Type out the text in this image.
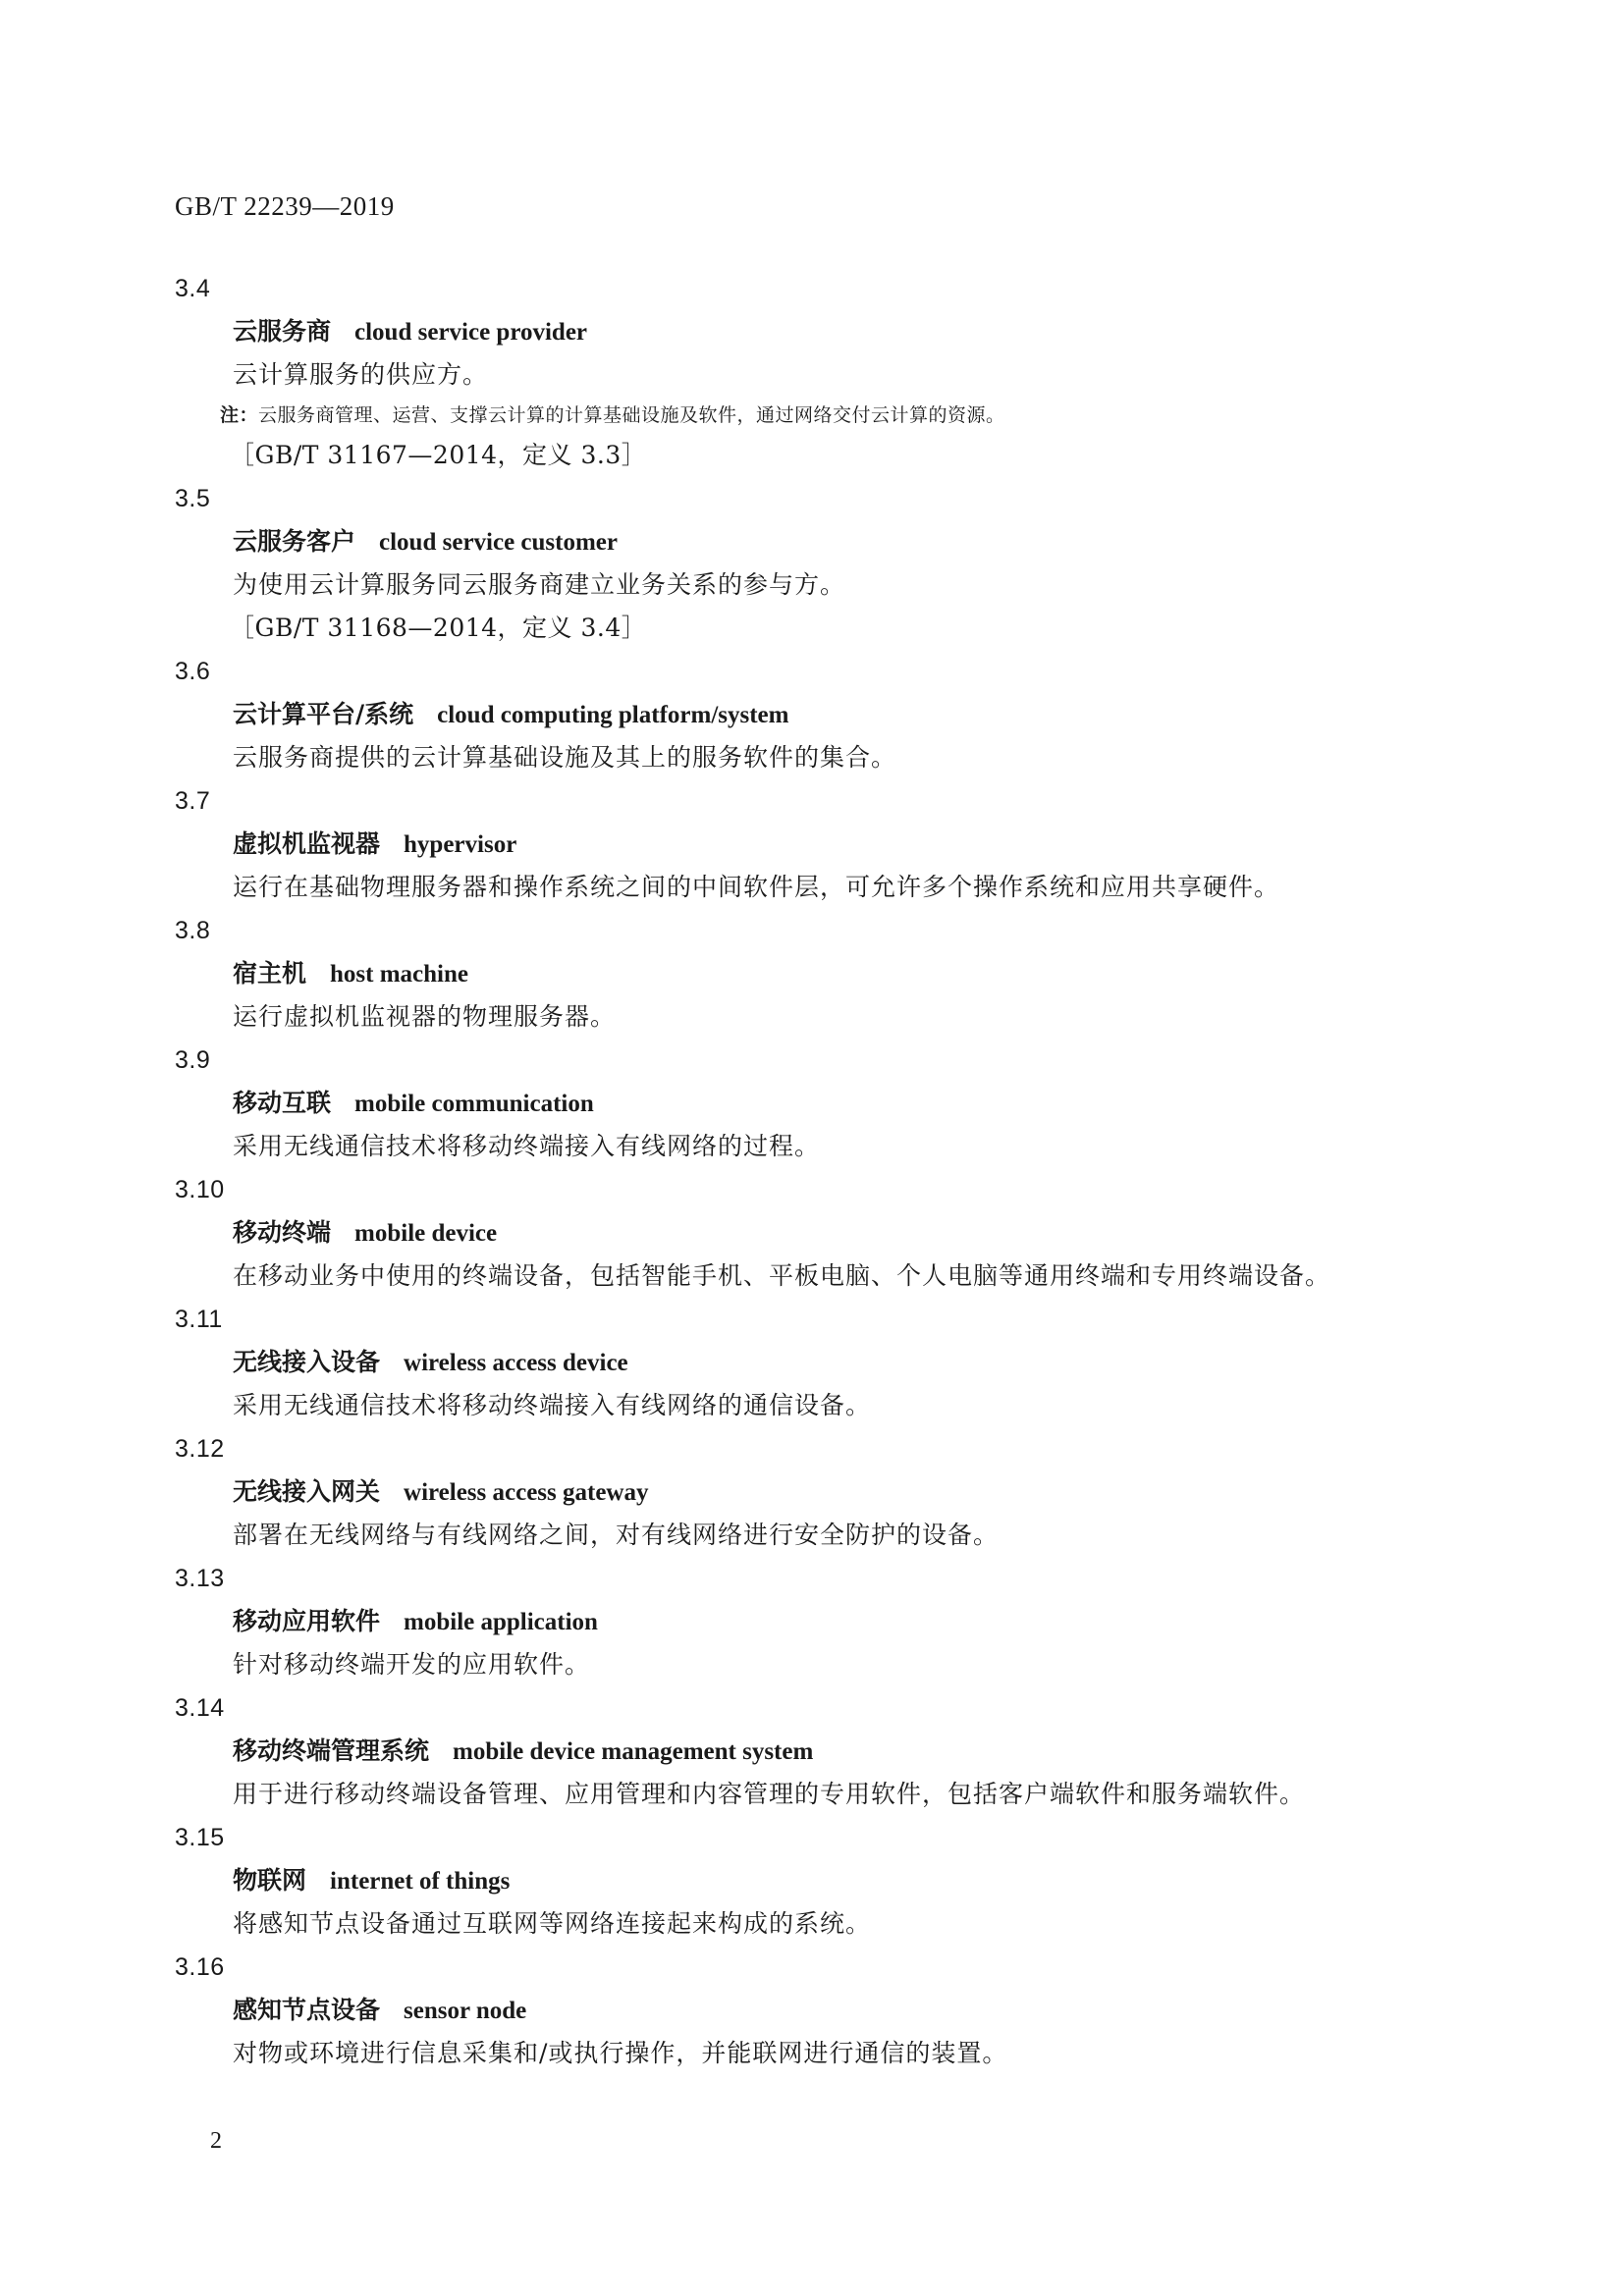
GB/T 22239—2019
3.4
云服务商 cloud service provider
云计算服务的供应方。
注：云服务商管理、运营、支撑云计算的计算基础设施及软件，通过网络交付云计算的资源。
［GB/T 31167—2014，定义 3.3］
3.5
云服务客户 cloud service customer
为使用云计算服务同云服务商建立业务关系的参与方。
［GB/T 31168—2014，定义 3.4］
3.6
云计算平台/系统 cloud computing platform/system
云服务商提供的云计算基础设施及其上的服务软件的集合。
3.7
虚拟机监视器 hypervisor
运行在基础物理服务器和操作系统之间的中间软件层，可允许多个操作系统和应用共享硬件。
3.8
宿主机 host machine
运行虚拟机监视器的物理服务器。
3.9
移动互联 mobile communication
采用无线通信技术将移动终端接入有线网络的过程。
3.10
移动终端 mobile device
在移动业务中使用的终端设备，包括智能手机、平板电脑、个人电脑等通用终端和专用终端设备。
3.11
无线接入设备 wireless access device
采用无线通信技术将移动终端接入有线网络的通信设备。
3.12
无线接入网关 wireless access gateway
部署在无线网络与有线网络之间，对有线网络进行安全防护的设备。
3.13
移动应用软件 mobile application
针对移动终端开发的应用软件。
3.14
移动终端管理系统 mobile device management system
用于进行移动终端设备管理、应用管理和内容管理的专用软件，包括客户端软件和服务端软件。
3.15
物联网 internet of things
将感知节点设备通过互联网等网络连接起来构成的系统。
3.16
感知节点设备 sensor node
对物或环境进行信息采集和/或执行操作，并能联网进行通信的装置。
2
